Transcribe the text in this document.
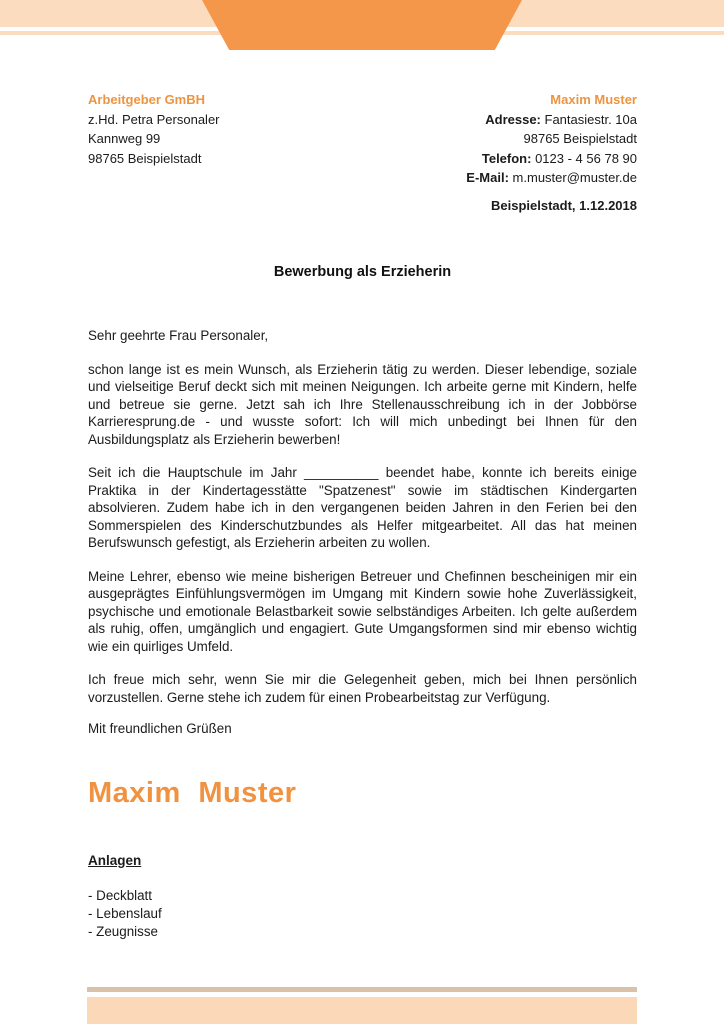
Arbeitgeber GmBH
z.Hd. Petra Personaler
Kannweg 99
98765 Beispielstadt
Maxim Muster
Adresse: Fantasiestr. 10a
98765 Beispielstadt
Telefon: 0123 - 4 56 78 90
E-Mail: m.muster@muster.de
Beispielstadt, 1.12.2018
Bewerbung als Erzieherin
Sehr geehrte Frau Personaler,

schon lange ist es mein Wunsch, als Erzieherin tätig zu werden. Dieser lebendige, soziale und vielseitige Beruf deckt sich mit meinen Neigungen. Ich arbeite gerne mit Kindern, helfe und betreue sie gerne. Jetzt sah ich Ihre Stellenausschreibung ich in der Jobbörse Karrieresprung.de - und wusste sofort: Ich will mich unbedingt bei Ihnen für den Ausbildungsplatz als Erzieherin bewerben!

Seit ich die Hauptschule im Jahr __________ beendet habe, konnte ich bereits einige Praktika in der Kindertagesstätte "Spatzenest" sowie im städtischen Kindergarten absolvieren. Zudem habe ich in den vergangenen beiden Jahren in den Ferien bei den Sommerspielen des Kinderschutzbundes als Helfer mitgearbeitet. All das hat meinen Berufswunsch gefestigt, als Erzieherin arbeiten zu wollen.

Meine Lehrer, ebenso wie meine bisherigen Betreuer und Chefinnen bescheinigen mir ein ausgeprägtes Einfühlungsvermögen im Umgang mit Kindern sowie hohe Zuverlässigkeit, psychische und emotionale Belastbarkeit sowie selbständiges Arbeiten. Ich gelte außerdem als ruhig, offen, umgänglich und engagiert. Gute Umgangsformen sind mir ebenso wichtig wie ein quirliges Umfeld.

Ich freue mich sehr, wenn Sie mir die Gelegenheit geben, mich bei Ihnen persönlich vorzustellen. Gerne stehe ich zudem für einen Probearbeitstag zur Verfügung.

Mit freundlichen Grüßen

Maxim Muster
Anlagen
- Deckblatt
- Lebenslauf
- Zeugnisse
